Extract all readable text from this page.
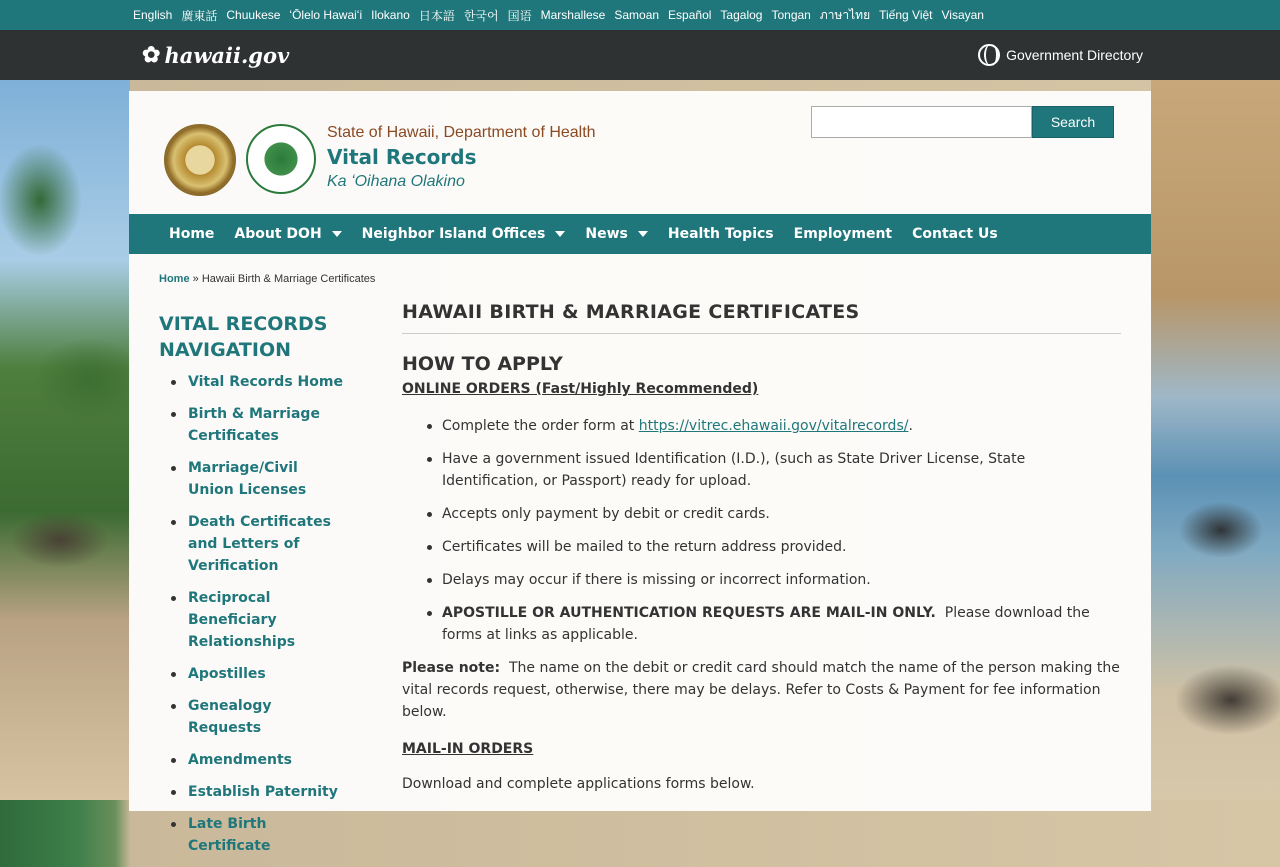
English 廣東話 Chuukese ʻŌlelo Hawaiʻi Ilokano 日本語 한국어 国语 Marshallese Samoan Español Tagalog Tongan ภาษาไทย Tiếng Việt Visayan
✿ hawaii.gov	Government Directory
State of Hawaii, Department of Health
Vital Records
Ka ʻOihana Olakino
Search
Home About DOH	Neighbor Island Offices	News	Health Topics Employment Contact Us
Home » Hawaii Birth & Marriage Certificates
VITAL RECORDS NAVIGATION
Vital Records Home
Birth & Marriage Certificates
Marriage/Civil Union Licenses
Death Certificates and Letters of Verification
Reciprocal Beneficiary Relationships
Apostilles
Genealogy Requests
Amendments
Establish Paternity
Late Birth Certificate
HAWAII BIRTH & MARRIAGE CERTIFICATES
HOW TO APPLY
ONLINE ORDERS (Fast/Highly Recommended)
Complete the order form at https://vitrec.ehawaii.gov/vitalrecords/.
Have a government issued Identification (I.D.), (such as State Driver License, State Identification, or Passport) ready for upload.
Accepts only payment by debit or credit cards.
Certificates will be mailed to the return address provided.
Delays may occur if there is missing or incorrect information.
APOSTILLE OR AUTHENTICATION REQUESTS ARE MAIL-IN ONLY. Please download the forms at links as applicable.
Please note: The name on the debit or credit card should match the name of the person making the vital records request, otherwise, there may be delays. Refer to Costs & Payment for fee information below.
MAIL-IN ORDERS
Download and complete applications forms below.
